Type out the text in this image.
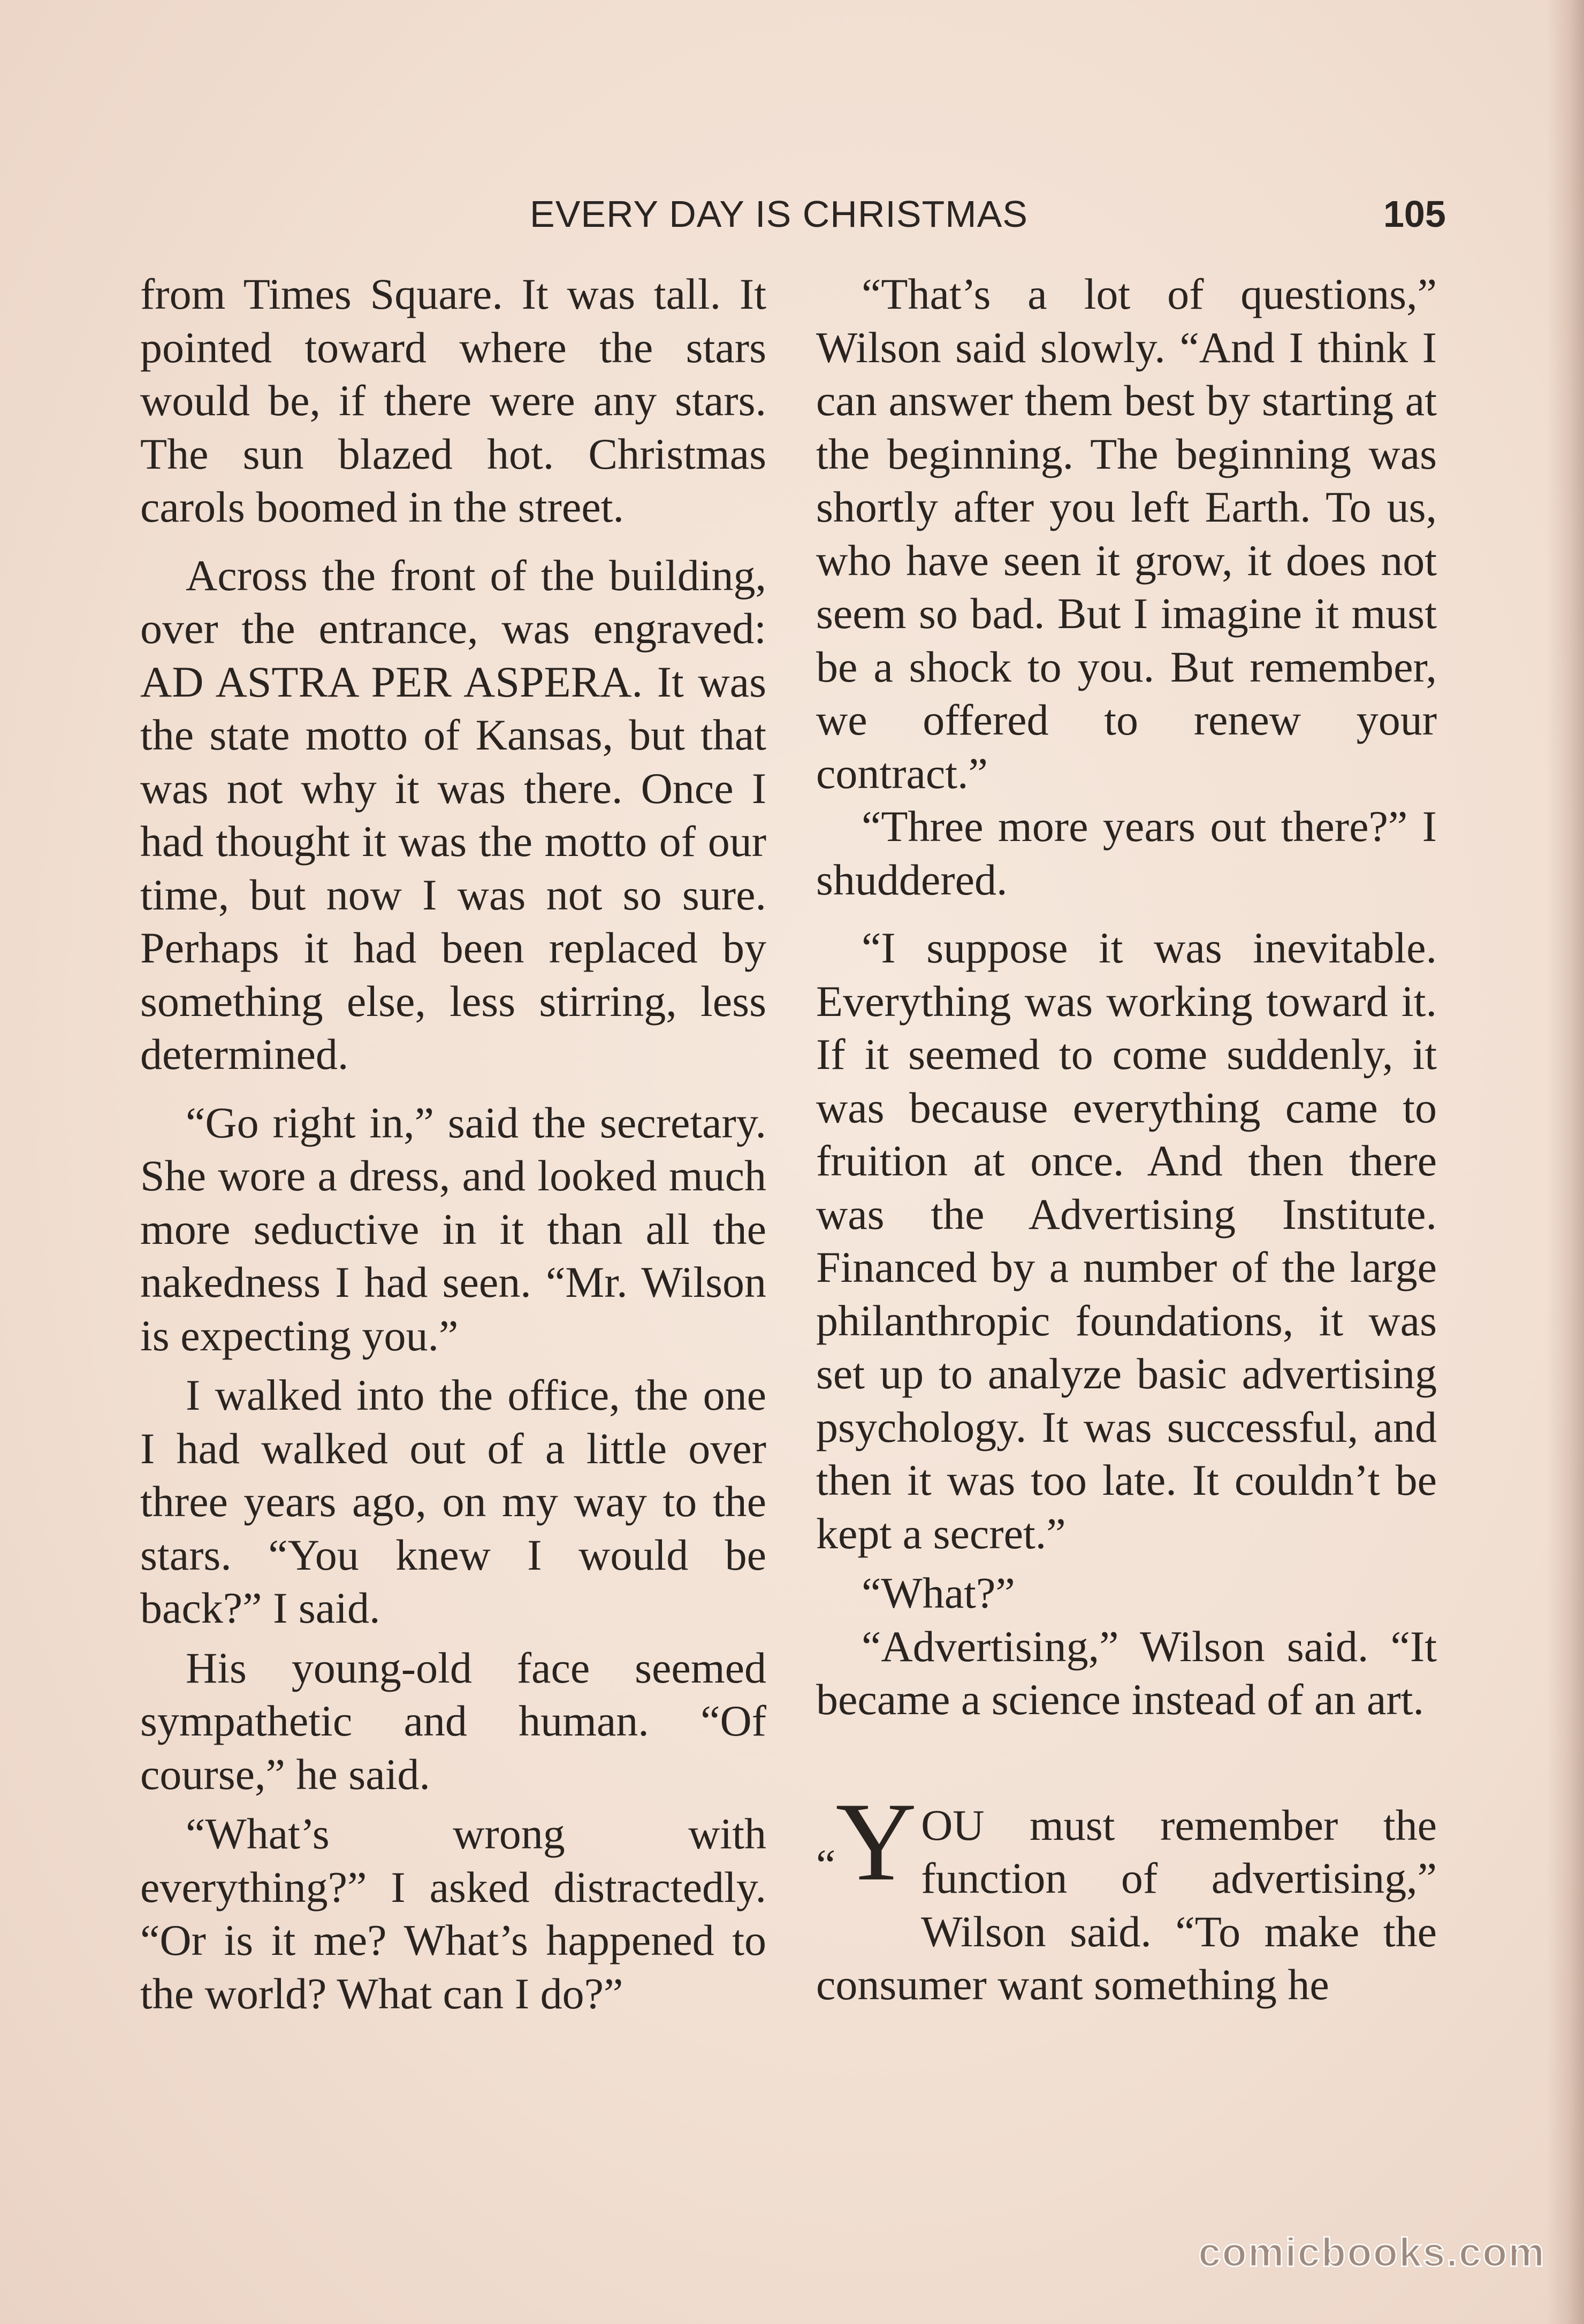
EVERY DAY IS CHRISTMAS	105

from Times Square. It was tall. It pointed toward where the stars would be, if there were any stars. The sun blazed hot. Christmas carols boomed in the street.

Across the front of the building, over the entrance, was engraved: AD ASTRA PER ASPERA. It was the state motto of Kansas, but that was not why it was there. Once I had thought it was the motto of our time, but now I was not so sure. Perhaps it had been replaced by something else, less stirring, less determined.

“Go right in,” said the secretary. She wore a dress, and looked much more seductive in it than all the nakedness I had seen. “Mr. Wilson is expecting you.”

I walked into the office, the one I had walked out of a little over three years ago, on my way to the stars. “You knew I would be back?” I said.

His young-old face seemed sympathetic and human. “Of course,” he said.

“What’s wrong with everything?” I asked distractedly. “Or is it me? What’s happened to the world? What can I do?”

“That’s a lot of questions,” Wilson said slowly. “And I think I can answer them best by starting at the beginning. The beginning was shortly after you left Earth. To us, who have seen it grow, it does not seem so bad. But I imagine it must be a shock to you. But remember, we offered to renew your contract.”

“Three more years out there?” I shuddered.

“I suppose it was inevitable. Everything was working toward it. If it seemed to come suddenly, it was because everything came to fruition at once. And then there was the Advertising Institute. Financed by a number of the large philanthropic foundations, it was set up to analyze basic advertising psychology. It was successful, and then it was too late. It couldn’t be kept a secret.”

“What?”

“Advertising,” Wilson said. “It became a science instead of an art.

“Y OU must remember the function of advertising,” Wilson said. “To make the consumer want something he

comicbooks.com
